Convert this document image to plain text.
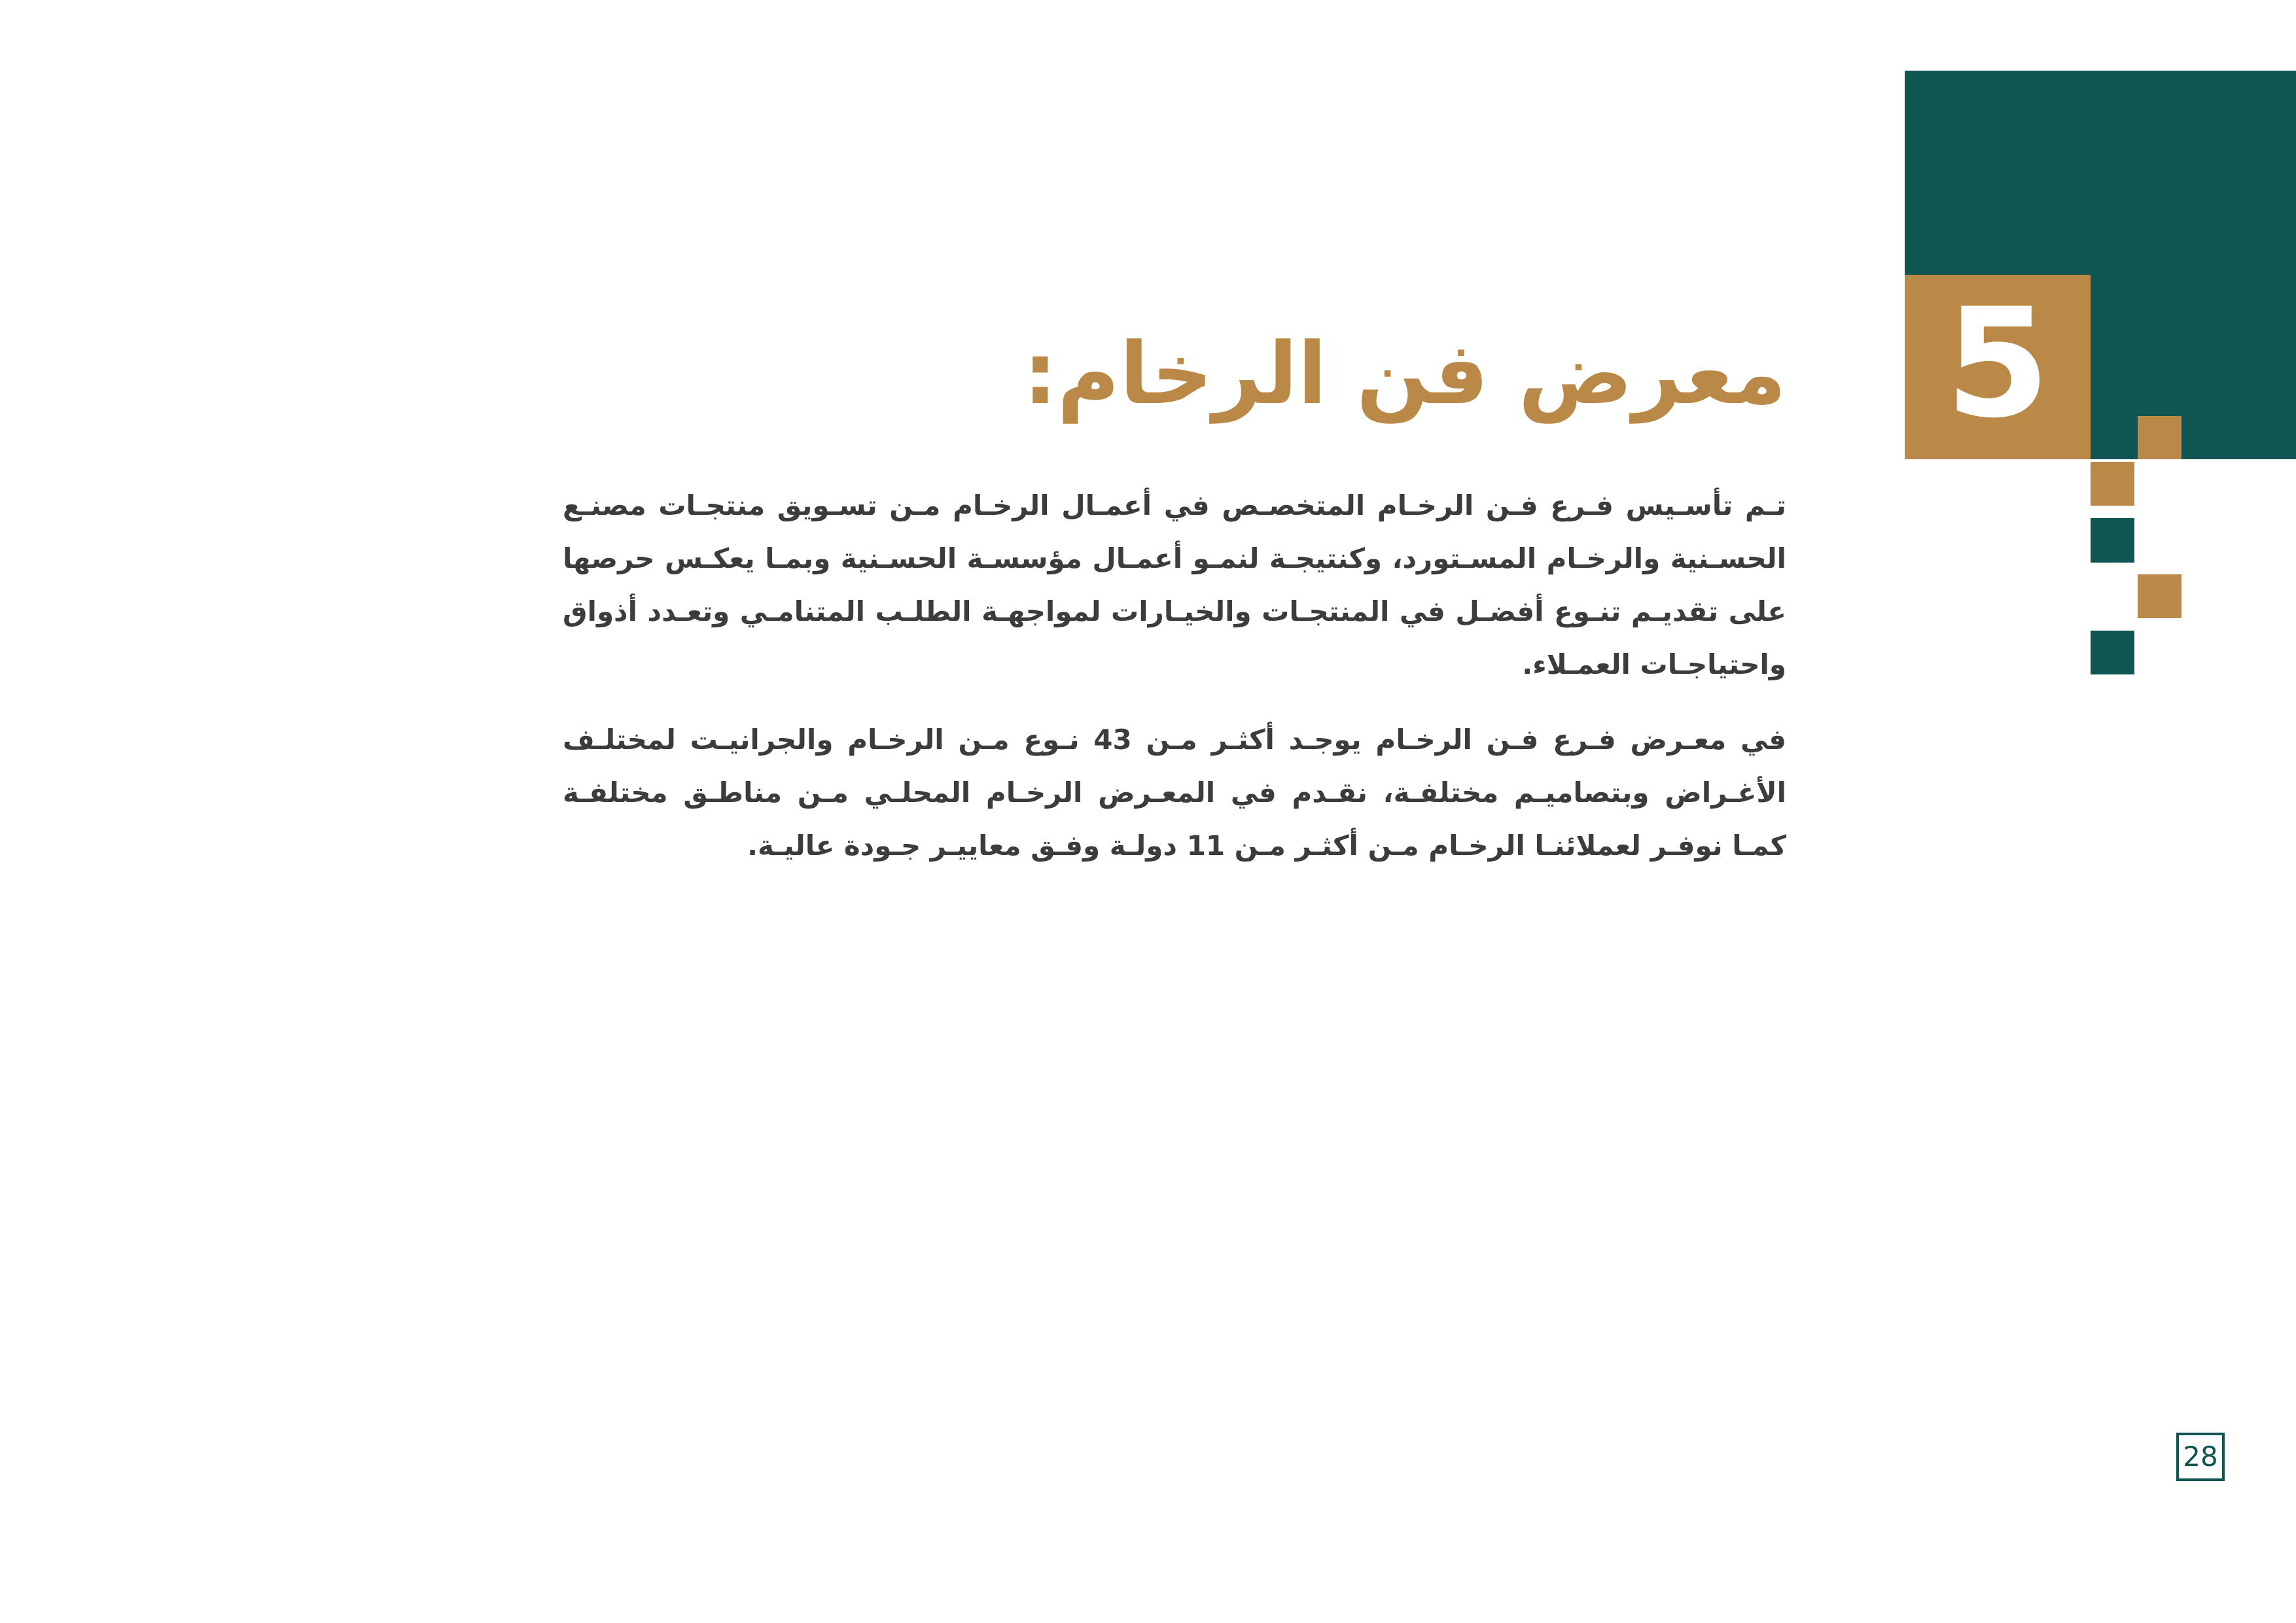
5
معرض فن الرخام:

تـم تأسـيس فـرع فـن الرخـام المتخصـص في أعمـال الرخـام مـن تسـويق منتجـات مصنـع الحسـنية والرخـام المسـتورد، وكنتيجـة لنمـو أعمـال مؤسسـة الحسـنية وبمـا يعكـس حرصها على تقديـم تنـوع أفضـل في المنتجـات والخيـارات لمواجهـة الطلـب المتنامـي وتعـدد أذواق واحتياجـات العمـلاء.

في معـرض فـرع فـن الرخـام يوجـد أكثـر مـن 43 نـوع مـن الرخـام والجرانيـت لمختلـف الأغـراض وبتصاميـم مختلفـة، نقـدم في المعـرض الرخـام المحلـي مـن مناطـق مختلفـة كمـا نوفـر لعملائنـا الرخـام مـن أكثـر مـن 11 دولـة وفـق معاييـر جـودة عاليـة.

28
